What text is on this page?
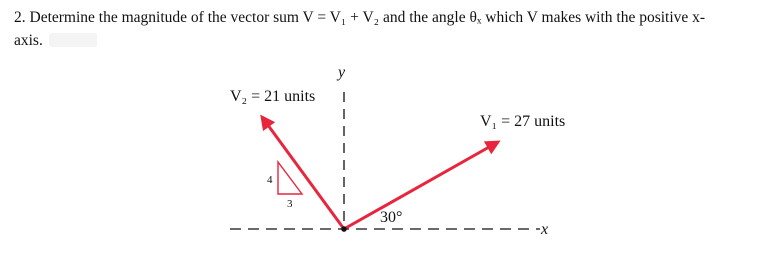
2. Determine the magnitude of the vector sum V = V₁ + V₂ and the angle θₓ which V makes with the positive x-
axis.
x
y
V₁ = 27 units
V₂ = 21 units
30°
4
3
